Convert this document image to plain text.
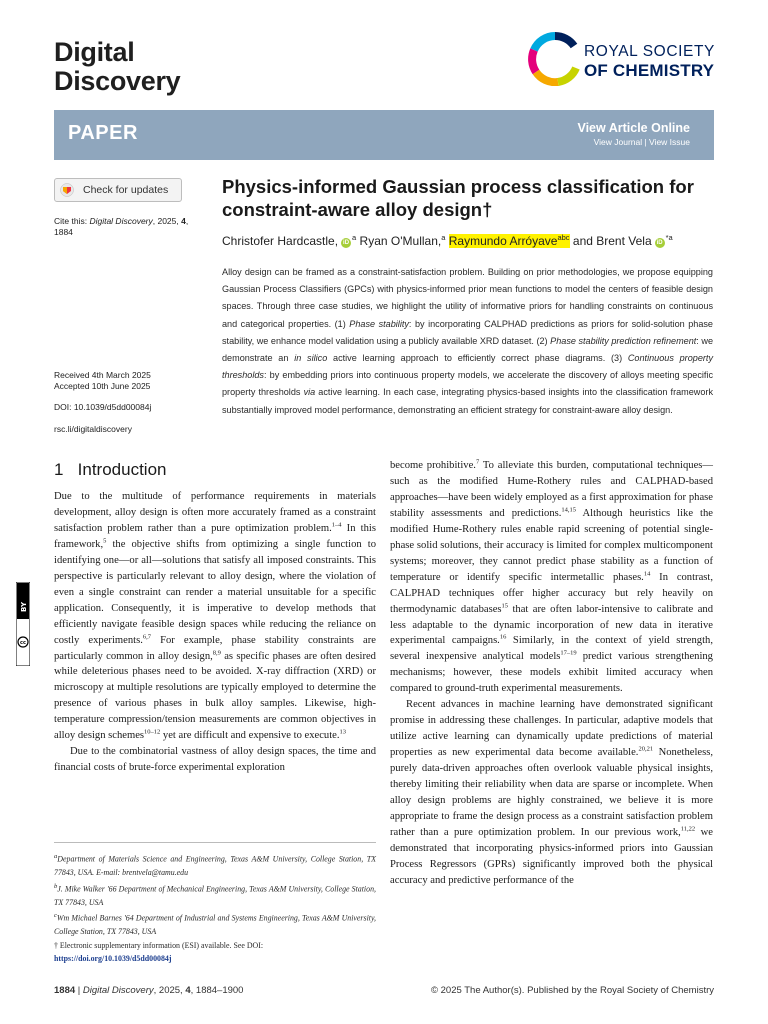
Digital
Discovery
ROYAL SOCIETY
OF CHEMISTRY
PAPER	View Article Online
View Journal | View Issue
Check for updates
Cite this: Digital Discovery, 2025, 4,
1884
Received 4th March 2025
Accepted 10th June 2025
DOI: 10.1039/d5dd00084j
rsc.li/digitaldiscovery
Physics-informed Gaussian process classification for constraint-aware alloy design†
Christofer Hardcastle, $iD^a$ Ryan O'Mullan,$^a$ Raymundo Arróyave$^{abc}$ and Brent Vela $iD^{*a}$
Alloy design can be framed as a constraint-satisfaction problem. Building on prior methodologies, we propose equipping Gaussian Process Classifiers (GPCs) with physics-informed prior mean functions to model the centers of feasible design spaces. Through three case studies, we highlight the utility of informative priors for handling constraints on continuous and categorical properties. (1) Phase stability: by incorporating CALPHAD predictions as priors for solid-solution phase stability, we enhance model validation using a publicly available XRD dataset. (2) Phase stability prediction refinement: we demonstrate an in silico active learning approach to efficiently correct phase diagrams. (3) Continuous property thresholds: by embedding priors into continuous property models, we accelerate the discovery of alloys meeting specific property thresholds via active learning. In each case, integrating physics-based insights into the classification framework substantially improved model performance, demonstrating an efficient strategy for constraint-aware alloy design.
1 Introduction

Due to the multitude of performance requirements in materials development, alloy design is often more accurately framed as a constraint satisfaction problem rather than a pure optimization problem.$^{1-4}$ In this framework,$^5$ the objective shifts from optimizing a single function to identifying one—or all—solutions that satisfy all imposed constraints. This perspective is particularly relevant to alloy design, where the violation of even a single constraint can render a material unsuitable for a specific application. Consequently, it is imperative to develop methods that efficiently navigate feasible design spaces while reducing the reliance on costly experiments.$^{6,7}$ For example, phase stability constraints are particularly common in alloy design,$^{8,9}$ as specific phases are often desired while deleterious phases need to be avoided. X-ray diffraction (XRD) or microscopy at multiple resolutions are typically employed to determine the presence of various phases in bulk alloy samples. Likewise, high-temperature compression/tension measurements are common objectives in alloy design schemes$^{10-12}$ yet are difficult and expensive to execute.$^{13}$

Due to the combinatorial vastness of alloy design spaces, the time and financial costs of brute-force experimental exploration

become prohibitive.$^7$ To alleviate this burden, computational techniques—such as the modified Hume-Rothery rules and CALPHAD-based approaches—have been widely employed as a first approximation for phase stability assessments and predictions.$^{14,15}$ Although heuristics like the modified Hume-Rothery rules enable rapid screening of potential single-phase solid solutions, their accuracy is limited for complex multicomponent systems; moreover, they cannot predict phase stability as a function of temperature or identify specific intermetallic phases.$^{14}$ In contrast, CALPHAD techniques offer higher accuracy but rely heavily on thermodynamic databases$^{15}$ that are often labor-intensive to calibrate and less adaptable to the dynamic incorporation of new data in iterative experimental campaigns.$^{16}$ Similarly, in the context of yield strength, several inexpensive analytical models$^{17-19}$ predict various strengthening mechanisms; however, these models exhibit limited accuracy when compared to ground-truth experimental measurements.

Recent advances in machine learning have demonstrated significant promise in addressing these challenges. In particular, adaptive models that utilize active learning can dynamically update predictions of material properties as new experimental data become available.$^{20,21}$ Nonetheless, purely data-driven approaches often overlook valuable physical insights, thereby limiting their reliability when data are sparse or incomplete. When alloy design problems are highly constrained, we believe it is more appropriate to frame the design process as a constraint satisfaction problem rather than a pure optimization problem. In our previous work,$^{11,22}$ we demonstrated that incorporating physics-informed priors into Gaussian Process Regressors (GPRs) significantly improved both the physical accuracy and predictive performance of the

$^a$Department of Materials Science and Engineering, Texas A&M University, College Station, TX 77843, USA. E-mail: brentvela@tamu.edu

$^b$J. Mike Walker '66 Department of Mechanical Engineering, Texas A&M University, College Station, TX 77843, USA

$^c$Wm Michael Barnes '64 Department of Industrial and Systems Engineering, Texas A&M University, College Station, TX 77843, USA

† Electronic supplementary information (ESI) available. See DOI:
https://doi.org/10.1039/d5dd00084j

cc
BY
1884 | Digital Discovery, 2025, 4, 1884–1900	© 2025 The Author(s). Published by the Royal Society of Chemistry
